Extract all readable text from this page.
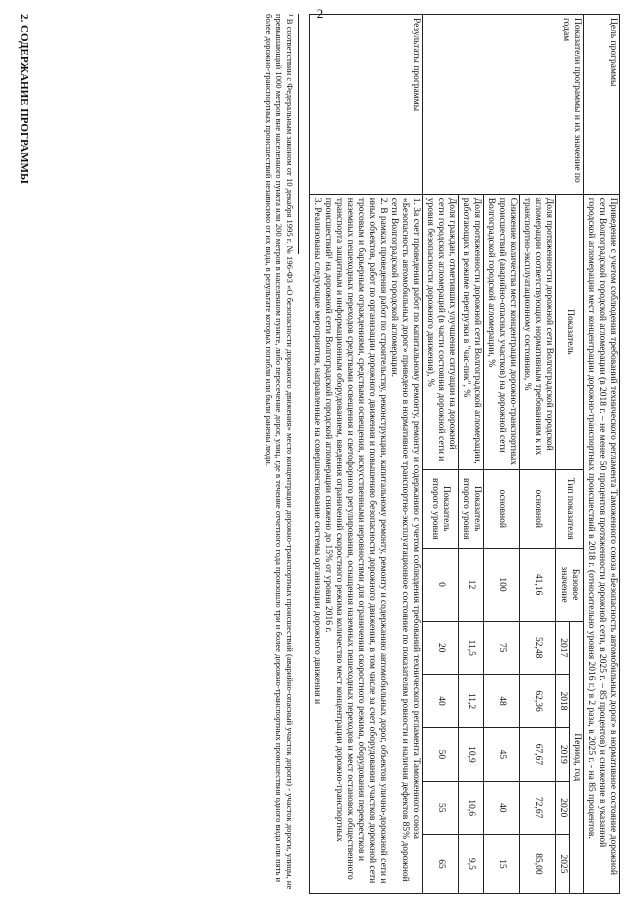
2
Цель программы	Приведение с учетом соблюдения требований технического регламента Таможенного союза «Безопасность автомобильных дорог» в нормативное состояние дорожной сети Волгоградской городской агломерации (в 2018 г. – не менее 50 процентов протяженности дорожной сети, в 2025 г. – 85 процентов) и снижение в указанной городской агломерации мест концентрации дорожно-транспортных происшествий в 2018 г. (относительно уровня 2016 г.) в 2 раза, в 2025 г. - на 85 процентов.							
Показатели программы и их значение по годам	Показатель	Тип показателя	Базовое значение	Период, год				
				2017	2018	2019	2020	2025
	Доля протяженности дорожной сети Волгоградской городской агломерации соответствующих нормативным требованиям к их транспортно-эксплуатационному состоянию, %	основной	41,16	52,48	62,36	67,67	72,67	85,00
	Снижение количества мест концентрации дорожно-транспортных происшествий (аварийно-опасных участков) на дорожной сети Волгоградской городской агломерации, %	основной	100	75	48	45	40	15
	Доля протяженности дорожной сети Волгоградской агломерации, работающих в режиме перегрузки в "час-пик", %	Показатель второго уровня	12	11,5	11,2	10,9	10,6	9,5
	Доля граждан, отметивших улучшение ситуации на дорожной сети городских агломераций (в части состояния дорожной сети и уровня безопасности дорожного движения), %	Показатель второго уровня	0	20	40	50	55	65
Результаты программы	1. За счет проведения работ по капитальному ремонту, ремонту и содержанию с учетом соблюдения требований технического регламента Таможенного союза «Безопасность автомобильных дорог» приведено в нормативное транспортно-эксплуатационное состояние по показателям ровности и наличия дефектов 85% дорожной сети Волгоградской городской агломерации.
2. В рамках проведения работ по строительству, реконструкции, капитальному ремонту, ремонту и содержанию автомобильных дорог, объектов улично-дорожной сети и иных объектов, работ по организации дорожного движения и повышению безопасности дорожного движения, в том числе за счет оборудования участков дорожной сети тросовым и барьерным ограждениями, средствами освещения, искусственными неровностями для ограничения скоростного режима, оборудования перекрестков и наземных пешеходных переходов средствами освещения и светофорного регулирования, оснащения наземных пешеходных переходов и мест остановок общественного транспорта защитным и информационным оборудованием, введения ограничений скоростного режима количество мест концентрации дорожно-транспортных происшествий¹ на дорожной сети Волгоградской городской агломерации снижено до 15% от уровня 2016 г.
3. Реализованы следующие мероприятия, направленные на совершенствование системы организации дорожного движения и							
¹ В соответствии с Федеральным законом от 10 декабря 1995 г. № 196-ФЗ «О безопасности дорожного движения» место концентрации дорожно-транспортных происшествий (аварийно-опасный участок дороги) - участок дороги, улицы, не превышающий 1000 метров вне населенного пункта или 200 метров в населенном пункте, либо пересечение дорог, улиц, где в течение отчетного года произошло три и более дорожно-транспортных происшествия одного вида или пять и более дорожно-транспортных происшествий независимо от их вида, в результате которых погибли или были ранены люди.
2. СОДЕРЖАНИЕ ПРОГРАММЫ
